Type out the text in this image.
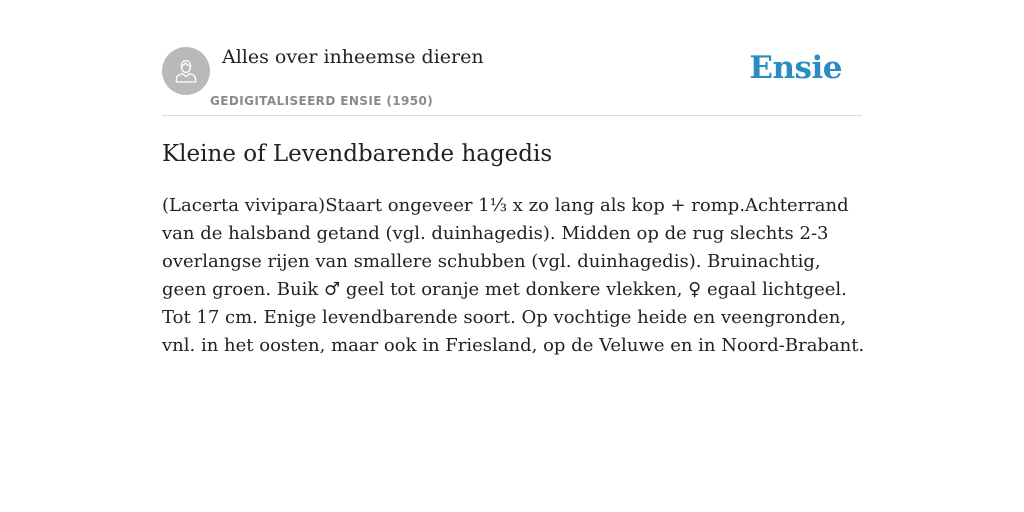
Alles over inheemse dieren
GEDIGITALISEERD ENSIE (1950)
Ensie
Kleine of Levendbarende hagedis

(Lacerta vivipara)Staart ongeveer 1⅓ x zo lang als kop + romp.Achterrand van de halsband getand (vgl. duinhagedis). Midden op de rug slechts 2-3 overlangse rijen van smallere schubben (vgl. duinhagedis). Bruinachtig, geen groen. Buik ♂ geel tot oranje met donkere vlekken, ♀ egaal lichtgeel. Tot 17 cm. Enige levendbarende soort. Op vochtige heide en veengronden, vnl. in het oosten, maar ook in Friesland, op de Veluwe en in Noord-Brabant.
